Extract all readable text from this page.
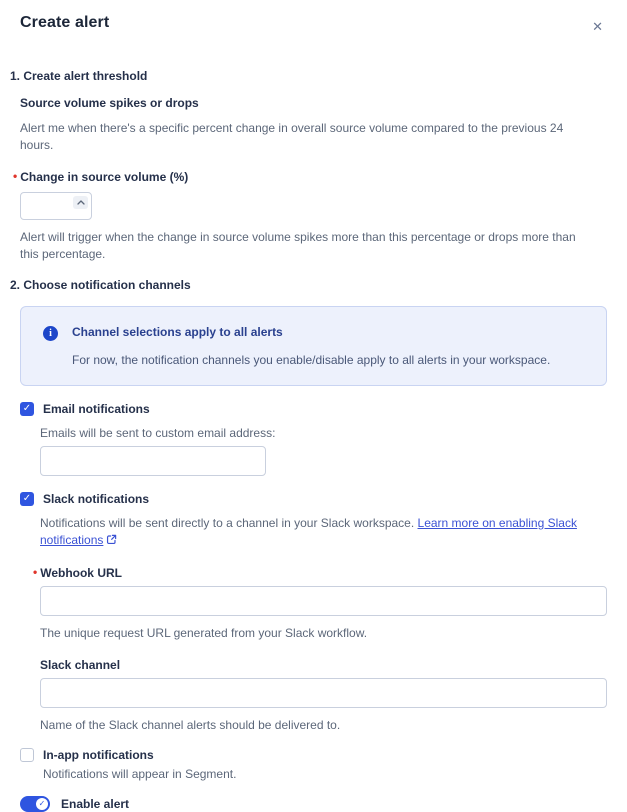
Create alert	✕
1. Create alert threshold
Source volume spikes or drops

Alert me when there's a specific percent change in overall source volume compared to the previous 24 hours.

• Change in source volume (%)

Alert will trigger when the change in source volume spikes more than this percentage or drops more than this percentage.

2. Choose notification channels
i	Channel selections apply to all alerts

For now, the notification channels you enable/disable apply to all alerts in your workspace.

✓ Email notifications

Emails will be sent to custom email address:

✓ Slack notifications

Notifications will be sent directly to a channel in your Slack workspace. Learn more on enabling Slack notifications

• Webhook URL

The unique request URL generated from your Slack workflow.

Slack channel

Name of the Slack channel alerts should be delivered to.

In-app notifications

Notifications will appear in Segment.

✓ Enable alert
